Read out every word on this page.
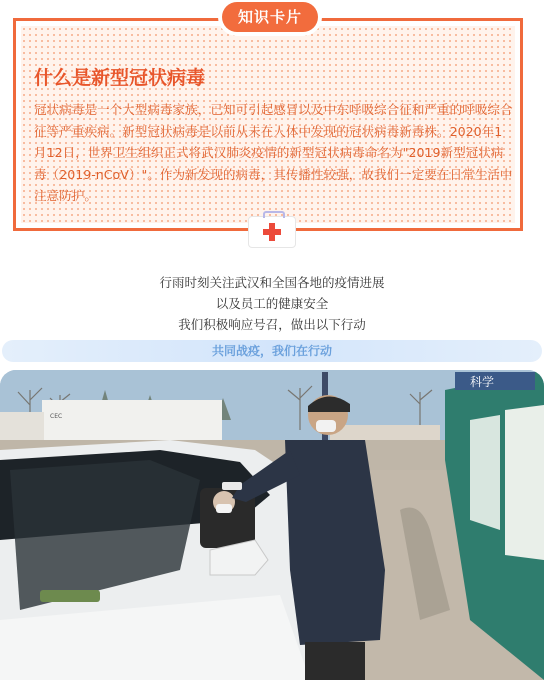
什么是新型冠状病毒

冠状病毒是一个大型病毒家族，已知可引起感冒以及中东呼吸综合征和严重的呼吸综合征等严重疾病。新型冠状病毒是以前从未在人体中发现的冠状病毒新毒株。2020年1月12日，世界卫生组织正式将武汉肺炎疫情的新型冠状病毒命名为"2019新型冠状病毒（2019-nCoV）"。作为新发现的病毒，其传播性较强，故我们一定要在日常生活中注意防护。

知识卡片
行雨时刻关注武汉和全国各地的疫情进展
以及员工的健康安全
我们积极响应号召，做出以下行动
共同战疫，我们在行动
CEC
科学
